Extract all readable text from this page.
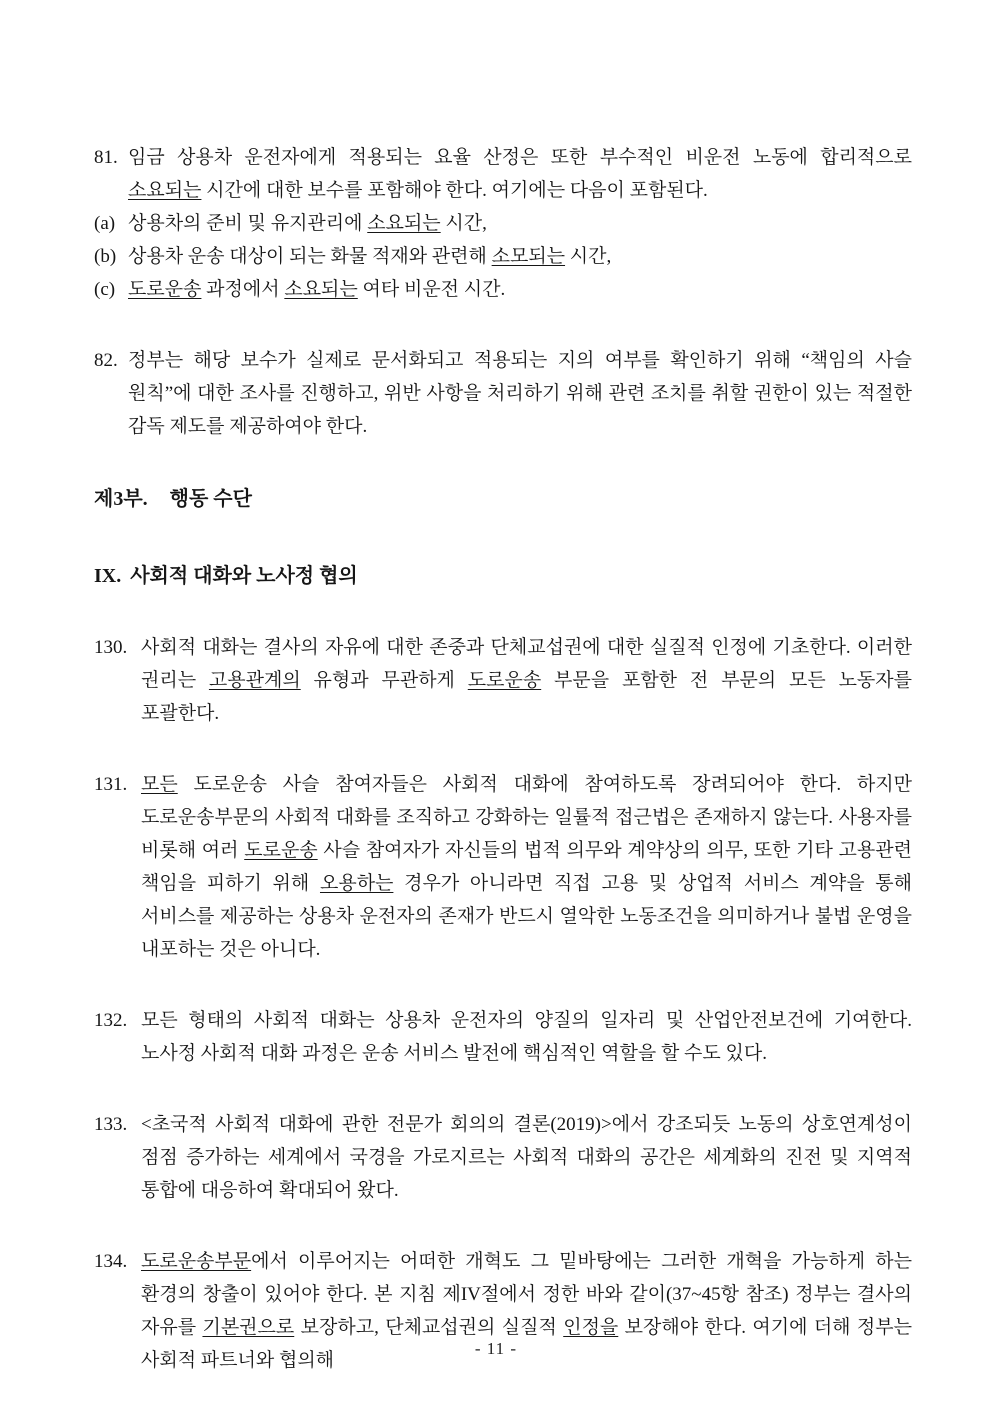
81. 임금 상용차 운전자에게 적용되는 요율 산정은 또한 부수적인 비운전 노동에 합리적으로 소요되는 시간에 대한 보수를 포함해야 한다. 여기에는 다음이 포함된다.
(a) 상용차의 준비 및 유지관리에 소요되는 시간,
(b) 상용차 운송 대상이 되는 화물 적재와 관련해 소모되는 시간,
(c) 도로운송 과정에서 소요되는 여타 비운전 시간.
82. 정부는 해당 보수가 실제로 문서화되고 적용되는 지의 여부를 확인하기 위해 “책임의 사슬 원칙”에 대한 조사를 진행하고, 위반 사항을 처리하기 위해 관련 조치를 취할 권한이 있는 적절한 감독 제도를 제공하여야 한다.
제3부. 행동 수단
IX. 사회적 대화와 노사정 협의
130. 사회적 대화는 결사의 자유에 대한 존중과 단체교섭권에 대한 실질적 인정에 기초한다. 이러한 권리는 고용관계의 유형과 무관하게 도로운송 부문을 포함한 전 부문의 모든 노동자를 포괄한다.
131. 모든 도로운송 사슬 참여자들은 사회적 대화에 참여하도록 장려되어야 한다. 하지만 도로운송부문의 사회적 대화를 조직하고 강화하는 일률적 접근법은 존재하지 않는다. 사용자를 비롯해 여러 도로운송 사슬 참여자가 자신들의 법적 의무와 계약상의 의무, 또한 기타 고용관련 책임을 피하기 위해 오용하는 경우가 아니라면 직접 고용 및 상업적 서비스 계약을 통해 서비스를 제공하는 상용차 운전자의 존재가 반드시 열악한 노동조건을 의미하거나 불법 운영을 내포하는 것은 아니다.
132. 모든 형태의 사회적 대화는 상용차 운전자의 양질의 일자리 및 산업안전보건에 기여한다. 노사정 사회적 대화 과정은 운송 서비스 발전에 핵심적인 역할을 할 수도 있다.
133. <초국적 사회적 대화에 관한 전문가 회의의 결론(2019)>에서 강조되듯 노동의 상호연계성이 점점 증가하는 세계에서 국경을 가로지르는 사회적 대화의 공간은 세계화의 진전 및 지역적 통합에 대응하여 확대되어 왔다.
134. 도로운송부문에서 이루어지는 어떠한 개혁도 그 밑바탕에는 그러한 개혁을 가능하게 하는 환경의 창출이 있어야 한다. 본 지침 제IV절에서 정한 바와 같이(37~45항 참조) 정부는 결사의 자유를 기본권으로 보장하고, 단체교섭권의 실질적 인정을 보장해야 한다. 여기에 더해 정부는 사회적 파트너와 협의해
- 11 -
